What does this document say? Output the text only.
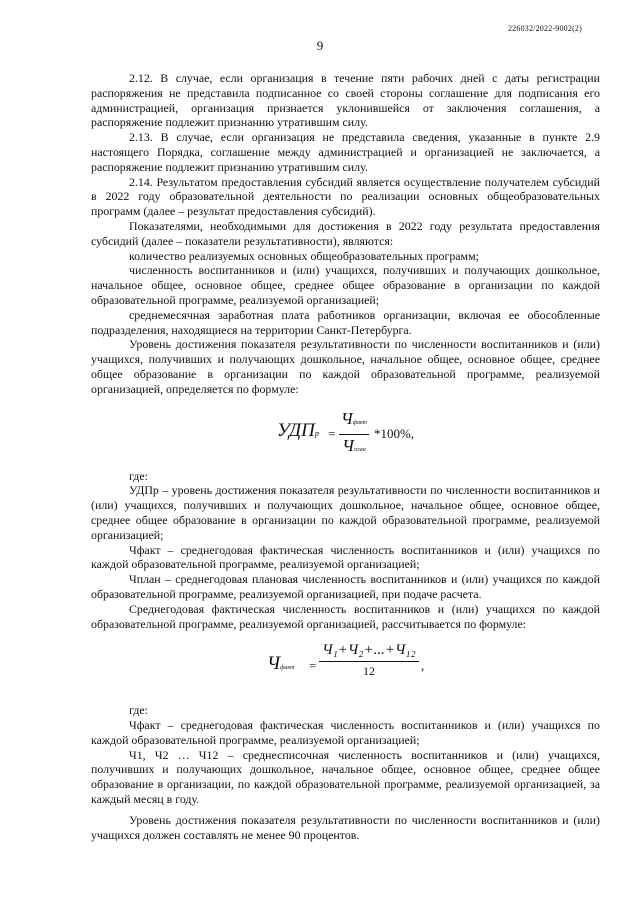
226032/2022-9002(2)
9

2.12. В случае, если организация в течение пяти рабочих дней с даты регистрации распоряжения не представила подписанное со своей стороны соглашение для подписания его администрацией, организация признается уклонившейся от заключения соглашения, а распоряжение подлежит признанию утратившим силу.

2.13. В случае, если организация не представила сведения, указанные в пункте 2.9 настоящего Порядка, соглашение между администрацией и организацией не заключается, а распоряжение подлежит признанию утратившим силу.

2.14. Результатом предоставления субсидий является осуществление получателем субсидий в 2022 году образовательной деятельности по реализации основных общеобразовательных программ (далее – результат предоставления субсидий).

Показателями, необходимыми для достижения в 2022 году результата предоставления субсидий (далее – показатели результативности), являются:

количество реализуемых основных общеобразовательных программ;

численность воспитанников и (или) учащихся, получивших и получающих дошкольное, начальное общее, основное общее, среднее общее образование в организации по каждой образовательной программе, реализуемой организацией;

среднемесячная заработная плата работников организации, включая ее обособленные подразделения, находящиеся на территории Санкт-Петербурга.

Уровень достижения показателя результативности по численности воспитанников и (или) учащихся, получивших и получающих дошкольное, начальное общее, основное общее, среднее общее образование в организации по каждой образовательной программе, реализуемой организацией, определяется по формуле:

УДПр =
Чфакт
Чплан
*100%,

где:

УДПр – уровень достижения показателя результативности по численности воспитанников и (или) учащихся, получивших и получающих дошкольное, начальное общее, основное общее, среднее общее образование в организации по каждой образовательной программе, реализуемой организацией;

Чфакт – среднегодовая фактическая численность воспитанников и (или) учащихся по каждой образовательной программе, реализуемой организацией;

Чплан – среднегодовая плановая численность воспитанников и (или) учащихся по каждой образовательной программе, реализуемой организацией, при подаче расчета.

Среднегодовая фактическая численность воспитанников и (или) учащихся по каждой образовательной программе, реализуемой организацией, рассчитывается по формуле:

Чфакт =
Ч₁+Ч₂+...+Ч₁₂
12	,

где:

Чфакт – среднегодовая фактическая численность воспитанников и (или) учащихся по каждой образовательной программе, реализуемой организацией;

Ч1, Ч2 … Ч12 – среднесписочная численность воспитанников и (или) учащихся, получивших и получающих дошкольное, начальное общее, основное общее, среднее общее образование в организации, по каждой образовательной программе, реализуемой организацией, за каждый месяц в году.

Уровень достижения показателя результативности по численности воспитанников и (или) учащихся должен составлять не менее 90 процентов.
